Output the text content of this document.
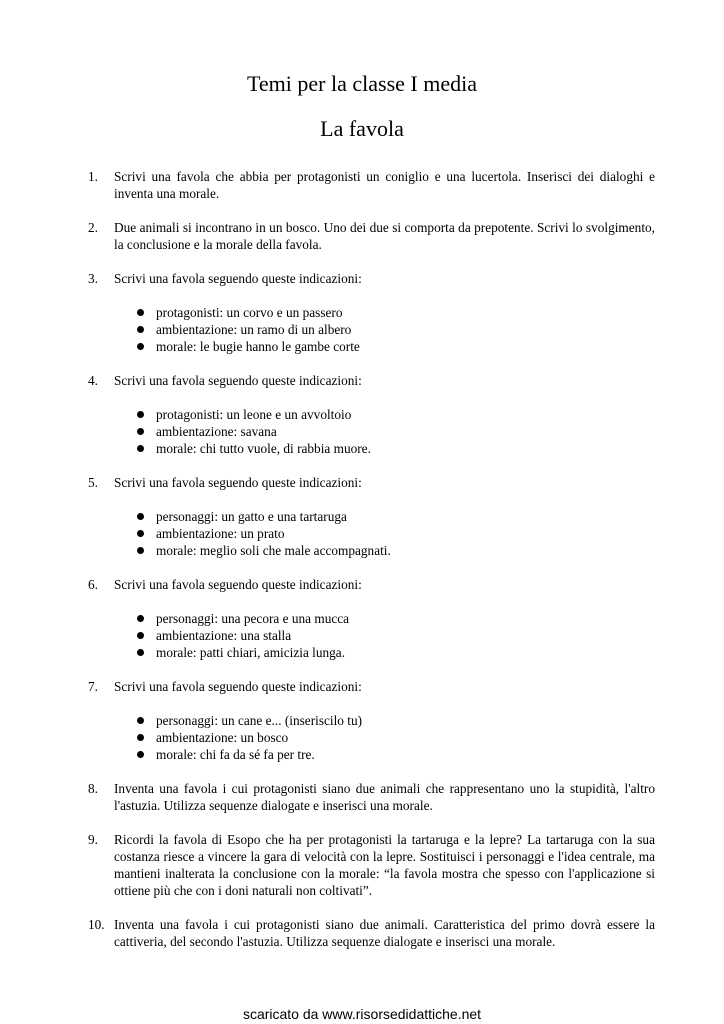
Temi per la classe I media
La favola
1. Scrivi una favola che abbia per protagonisti un coniglio e una lucertola. Inserisci dei dialoghi e inventa una morale.
2. Due animali si incontrano in un bosco. Uno dei due si comporta da prepotente. Scrivi lo svolgimento, la conclusione e la morale della favola.
3. Scrivi una favola seguendo queste indicazioni:
protagonisti: un corvo e un passero
ambientazione: un ramo di un albero
morale: le bugie hanno le gambe corte
4. Scrivi una favola seguendo queste indicazioni:
protagonisti: un leone e un avvoltoio
ambientazione: savana
morale: chi tutto vuole, di rabbia muore.
5. Scrivi una favola seguendo queste indicazioni:
personaggi: un gatto e una tartaruga
ambientazione: un prato
morale: meglio soli che male accompagnati.
6. Scrivi una favola seguendo queste indicazioni:
personaggi: una pecora e una mucca
ambientazione: una stalla
morale: patti chiari, amicizia lunga.
7. Scrivi una favola seguendo queste indicazioni:
personaggi: un cane e... (inseriscilo tu)
ambientazione: un bosco
morale: chi fa da sé fa per tre.
8. Inventa una favola i cui protagonisti siano due animali che rappresentano uno la stupidità, l'altro l'astuzia. Utilizza sequenze dialogate e inserisci una morale.
9. Ricordi la favola di Esopo che ha per protagonisti la tartaruga e la lepre? La tartaruga con la sua costanza riesce a vincere la gara di velocità con la lepre. Sostituisci i personaggi e l'idea centrale, ma mantieni inalterata la conclusione con la morale: “la favola mostra che spesso con l'applicazione si ottiene più che con i doni naturali non coltivati”.
10. Inventa una favola i cui protagonisti siano due animali. Caratteristica del primo dovrà essere la cattiveria, del secondo l'astuzia. Utilizza sequenze dialogate e inserisci una morale.
scaricato da www.risorsedidattiche.net
